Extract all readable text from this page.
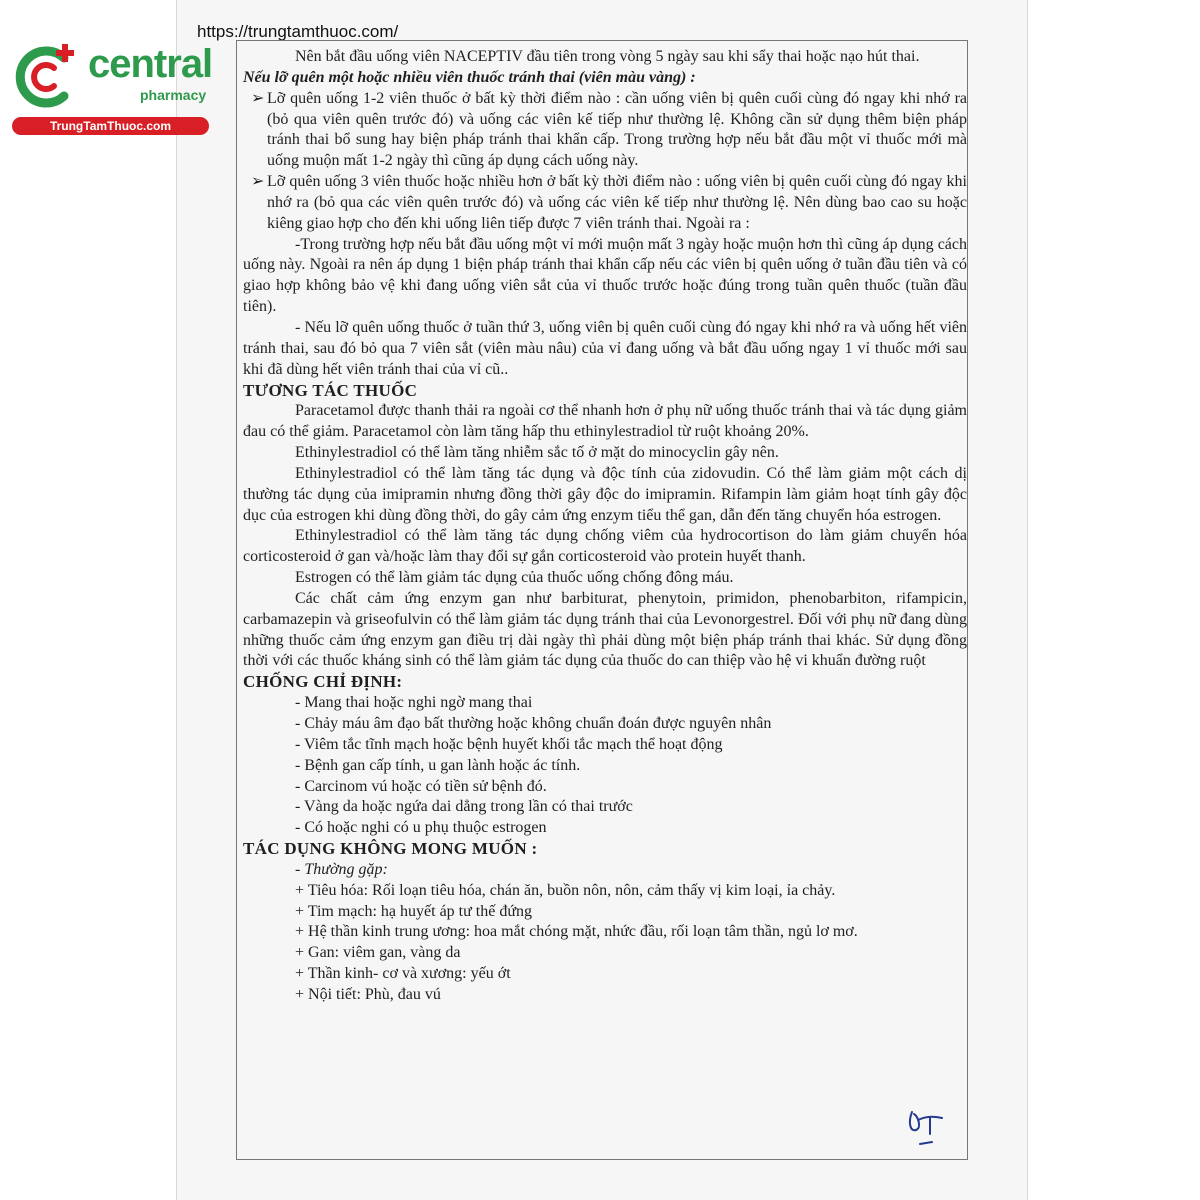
https://trungtamthuoc.com/
central
pharmacy
TrungTamThuoc.com

Nên bắt đầu uống viên NACEPTIV đầu tiên trong vòng 5 ngày sau khi sẩy thai hoặc nạo hút thai.

Nếu lỡ quên một hoặc nhiều viên thuốc tránh thai (viên màu vàng) :

➢ Lỡ quên uống 1-2 viên thuốc ở bất kỳ thời điểm nào : cần uống viên bị quên cuối cùng đó ngay khi nhớ ra (bỏ qua viên quên trước đó) và uống các viên kế tiếp như thường lệ. Không cần sử dụng thêm biện pháp tránh thai bổ sung hay biện pháp tránh thai khẩn cấp. Trong trường hợp nếu bắt đầu một vỉ thuốc mới mà uống muộn mất 1-2 ngày thì cũng áp dụng cách uống này.

➢ Lỡ quên uống 3 viên thuốc hoặc nhiều hơn ở bất kỳ thời điểm nào : uống viên bị quên cuối cùng đó ngay khi nhớ ra (bỏ qua các viên quên trước đó) và uống các viên kế tiếp như thường lệ. Nên dùng bao cao su hoặc kiêng giao hợp cho đến khi uống liên tiếp được 7 viên tránh thai. Ngoài ra :

-Trong trường hợp nếu bắt đầu uống một vỉ mới muộn mất 3 ngày hoặc muộn hơn thì cũng áp dụng cách uống này. Ngoài ra nên áp dụng 1 biện pháp tránh thai khẩn cấp nếu các viên bị quên uống ở tuần đầu tiên và có giao hợp không bảo vệ khi đang uống viên sắt của vỉ thuốc trước hoặc đúng trong tuần quên thuốc (tuần đầu tiên).

- Nếu lỡ quên uống thuốc ở tuần thứ 3, uống viên bị quên cuối cùng đó ngay khi nhớ ra và uống hết viên tránh thai, sau đó bỏ qua 7 viên sắt (viên màu nâu) của vỉ đang uống và bắt đầu uống ngay 1 vỉ thuốc mới sau khi đã dùng hết viên tránh thai của vỉ cũ..

TƯƠNG TÁC THUỐC

Paracetamol được thanh thải ra ngoài cơ thể nhanh hơn ở phụ nữ uống thuốc tránh thai và tác dụng giảm đau có thể giảm. Paracetamol còn làm tăng hấp thu ethinylestradiol từ ruột khoảng 20%.

Ethinylestradiol có thể làm tăng nhiễm sắc tố ở mặt do minocyclin gây nên.

Ethinylestradiol có thể làm tăng tác dụng và độc tính của zidovudin. Có thể làm giảm một cách dị thường tác dụng của imipramin nhưng đồng thời gây độc do imipramin. Rifampin làm giảm hoạt tính gây độc dục của estrogen khi dùng đồng thời, do gây cảm ứng enzym tiểu thể gan, dẫn đến tăng chuyển hóa estrogen.

Ethinylestradiol có thể làm tăng tác dụng chống viêm của hydrocortison do làm giảm chuyển hóa corticosteroid ở gan và/hoặc làm thay đổi sự gắn corticosteroid vào protein huyết thanh.

Estrogen có thể làm giảm tác dụng của thuốc uống chống đông máu.

Các chất cảm ứng enzym gan như barbiturat, phenytoin, primidon, phenobarbiton, rifampicin, carbamazepin và griseofulvin có thể làm giảm tác dụng tránh thai của Levonorgestrel. Đối với phụ nữ đang dùng những thuốc cảm ứng enzym gan điều trị dài ngày thì phải dùng một biện pháp tránh thai khác. Sử dụng đồng thời với các thuốc kháng sinh có thể làm giảm tác dụng của thuốc do can thiệp vào hệ vi khuẩn đường ruột

CHỐNG CHỈ ĐỊNH:

- Mang thai hoặc nghi ngờ mang thai

- Chảy máu âm đạo bất thường hoặc không chuẩn đoán được nguyên nhân

- Viêm tắc tĩnh mạch hoặc bệnh huyết khối tắc mạch thể hoạt động

- Bệnh gan cấp tính, u gan lành hoặc ác tính.

- Carcinom vú hoặc có tiền sử bệnh đó.

- Vàng da hoặc ngứa dai dẳng trong lần có thai trước

- Có hoặc nghi có u phụ thuộc estrogen

TÁC DỤNG KHÔNG MONG MUỐN :

- Thường gặp:

+ Tiêu hóa: Rối loạn tiêu hóa, chán ăn, buồn nôn, nôn, cảm thấy vị kim loại, ỉa chảy.

+ Tim mạch: hạ huyết áp tư thế đứng

+ Hệ thần kinh trung ương: hoa mắt chóng mặt, nhức đầu, rối loạn tâm thần, ngủ lơ mơ.

+ Gan: viêm gan, vàng da

+ Thần kinh- cơ và xương: yếu ớt

+ Nội tiết: Phù, đau vú
